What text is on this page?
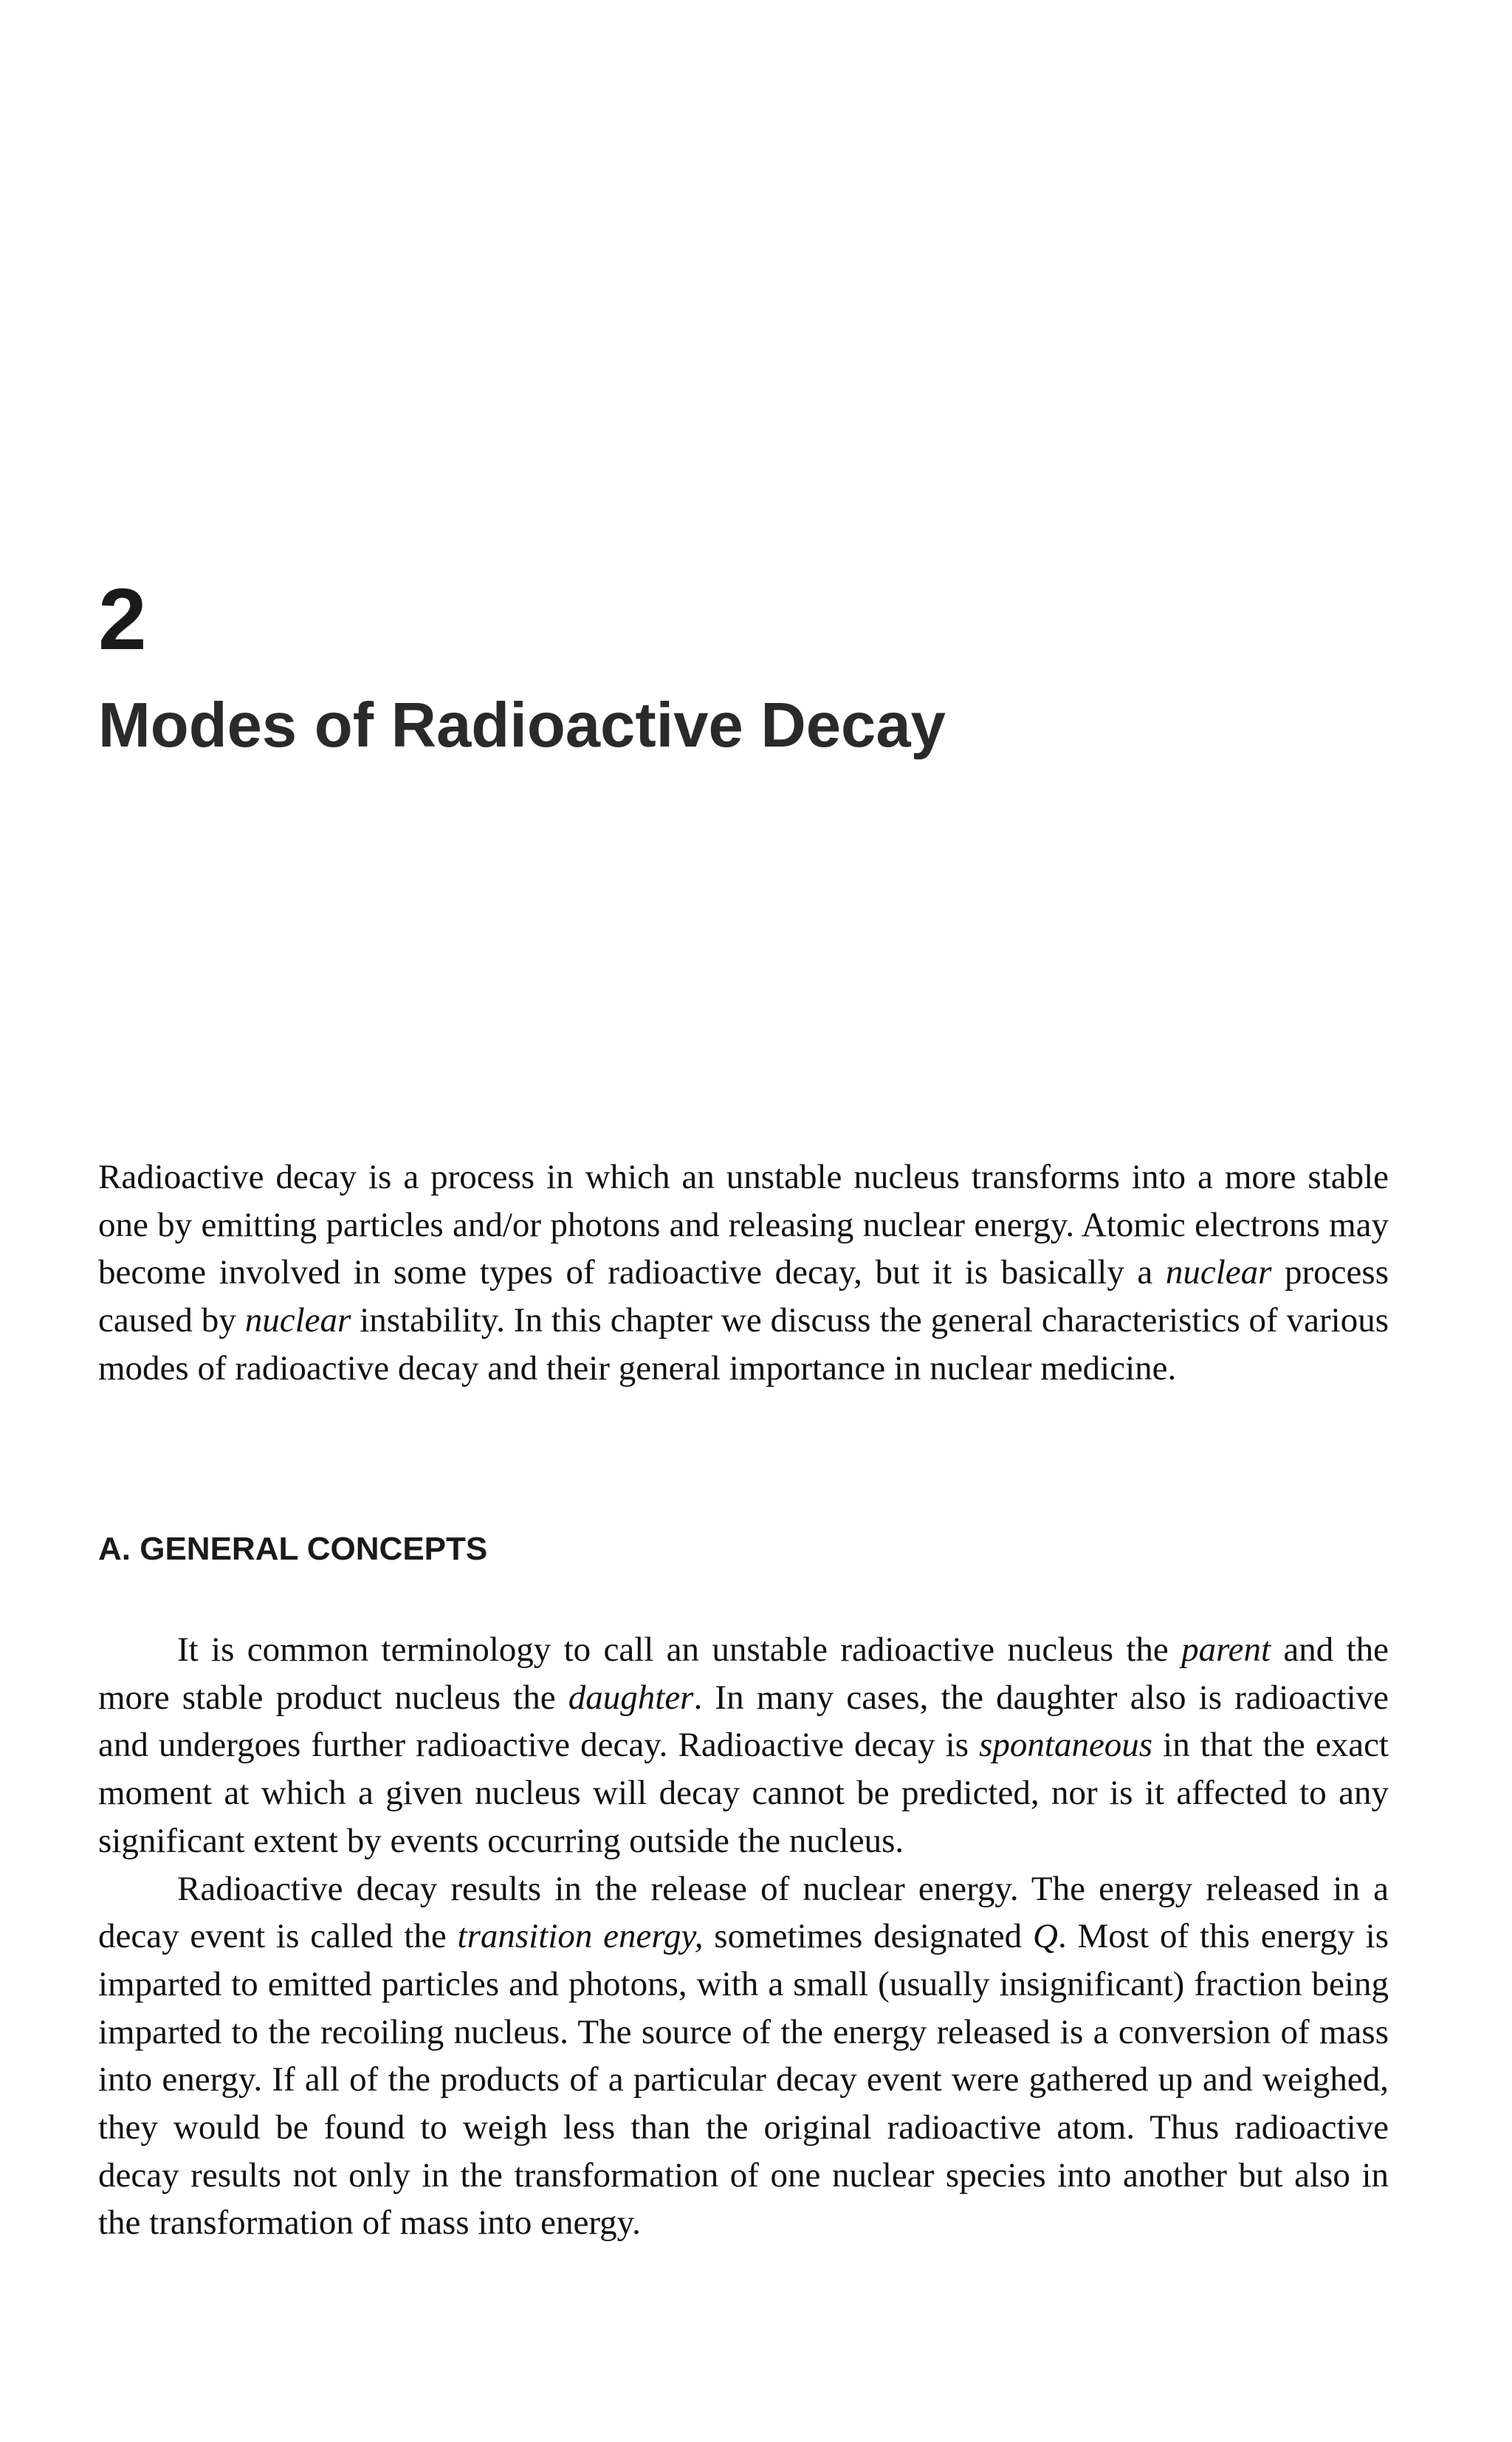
2
Modes of Radioactive Decay

Radioactive decay is a process in which an unstable nucleus transforms into a more stable one by emitting particles and/or photons and releasing nuclear energy. Atomic electrons may become involved in some types of radioactive decay, but it is basically a nuclear process caused by nuclear instability. In this chapter we discuss the general characteristics of various modes of radioactive decay and their general importance in nuclear medicine.

A. GENERAL CONCEPTS

It is common terminology to call an unstable radioactive nucleus the parent and the more stable product nucleus the daughter. In many cases, the daughter also is radioactive and undergoes further radioactive decay. Radioactive decay is spontaneous in that the exact moment at which a given nucleus will decay cannot be predicted, nor is it affected to any significant extent by events occurring outside the nucleus.

Radioactive decay results in the release of nuclear energy. The energy released in a decay event is called the transition energy, sometimes designated Q. Most of this energy is imparted to emitted particles and photons, with a small (usually insignificant) fraction being imparted to the recoiling nucleus. The source of the energy released is a conversion of mass into energy. If all of the products of a particular decay event were gathered up and weighed, they would be found to weigh less than the original radioactive atom. Thus radioactive decay results not only in the transformation of one nuclear species into another but also in the transformation of mass into energy.
